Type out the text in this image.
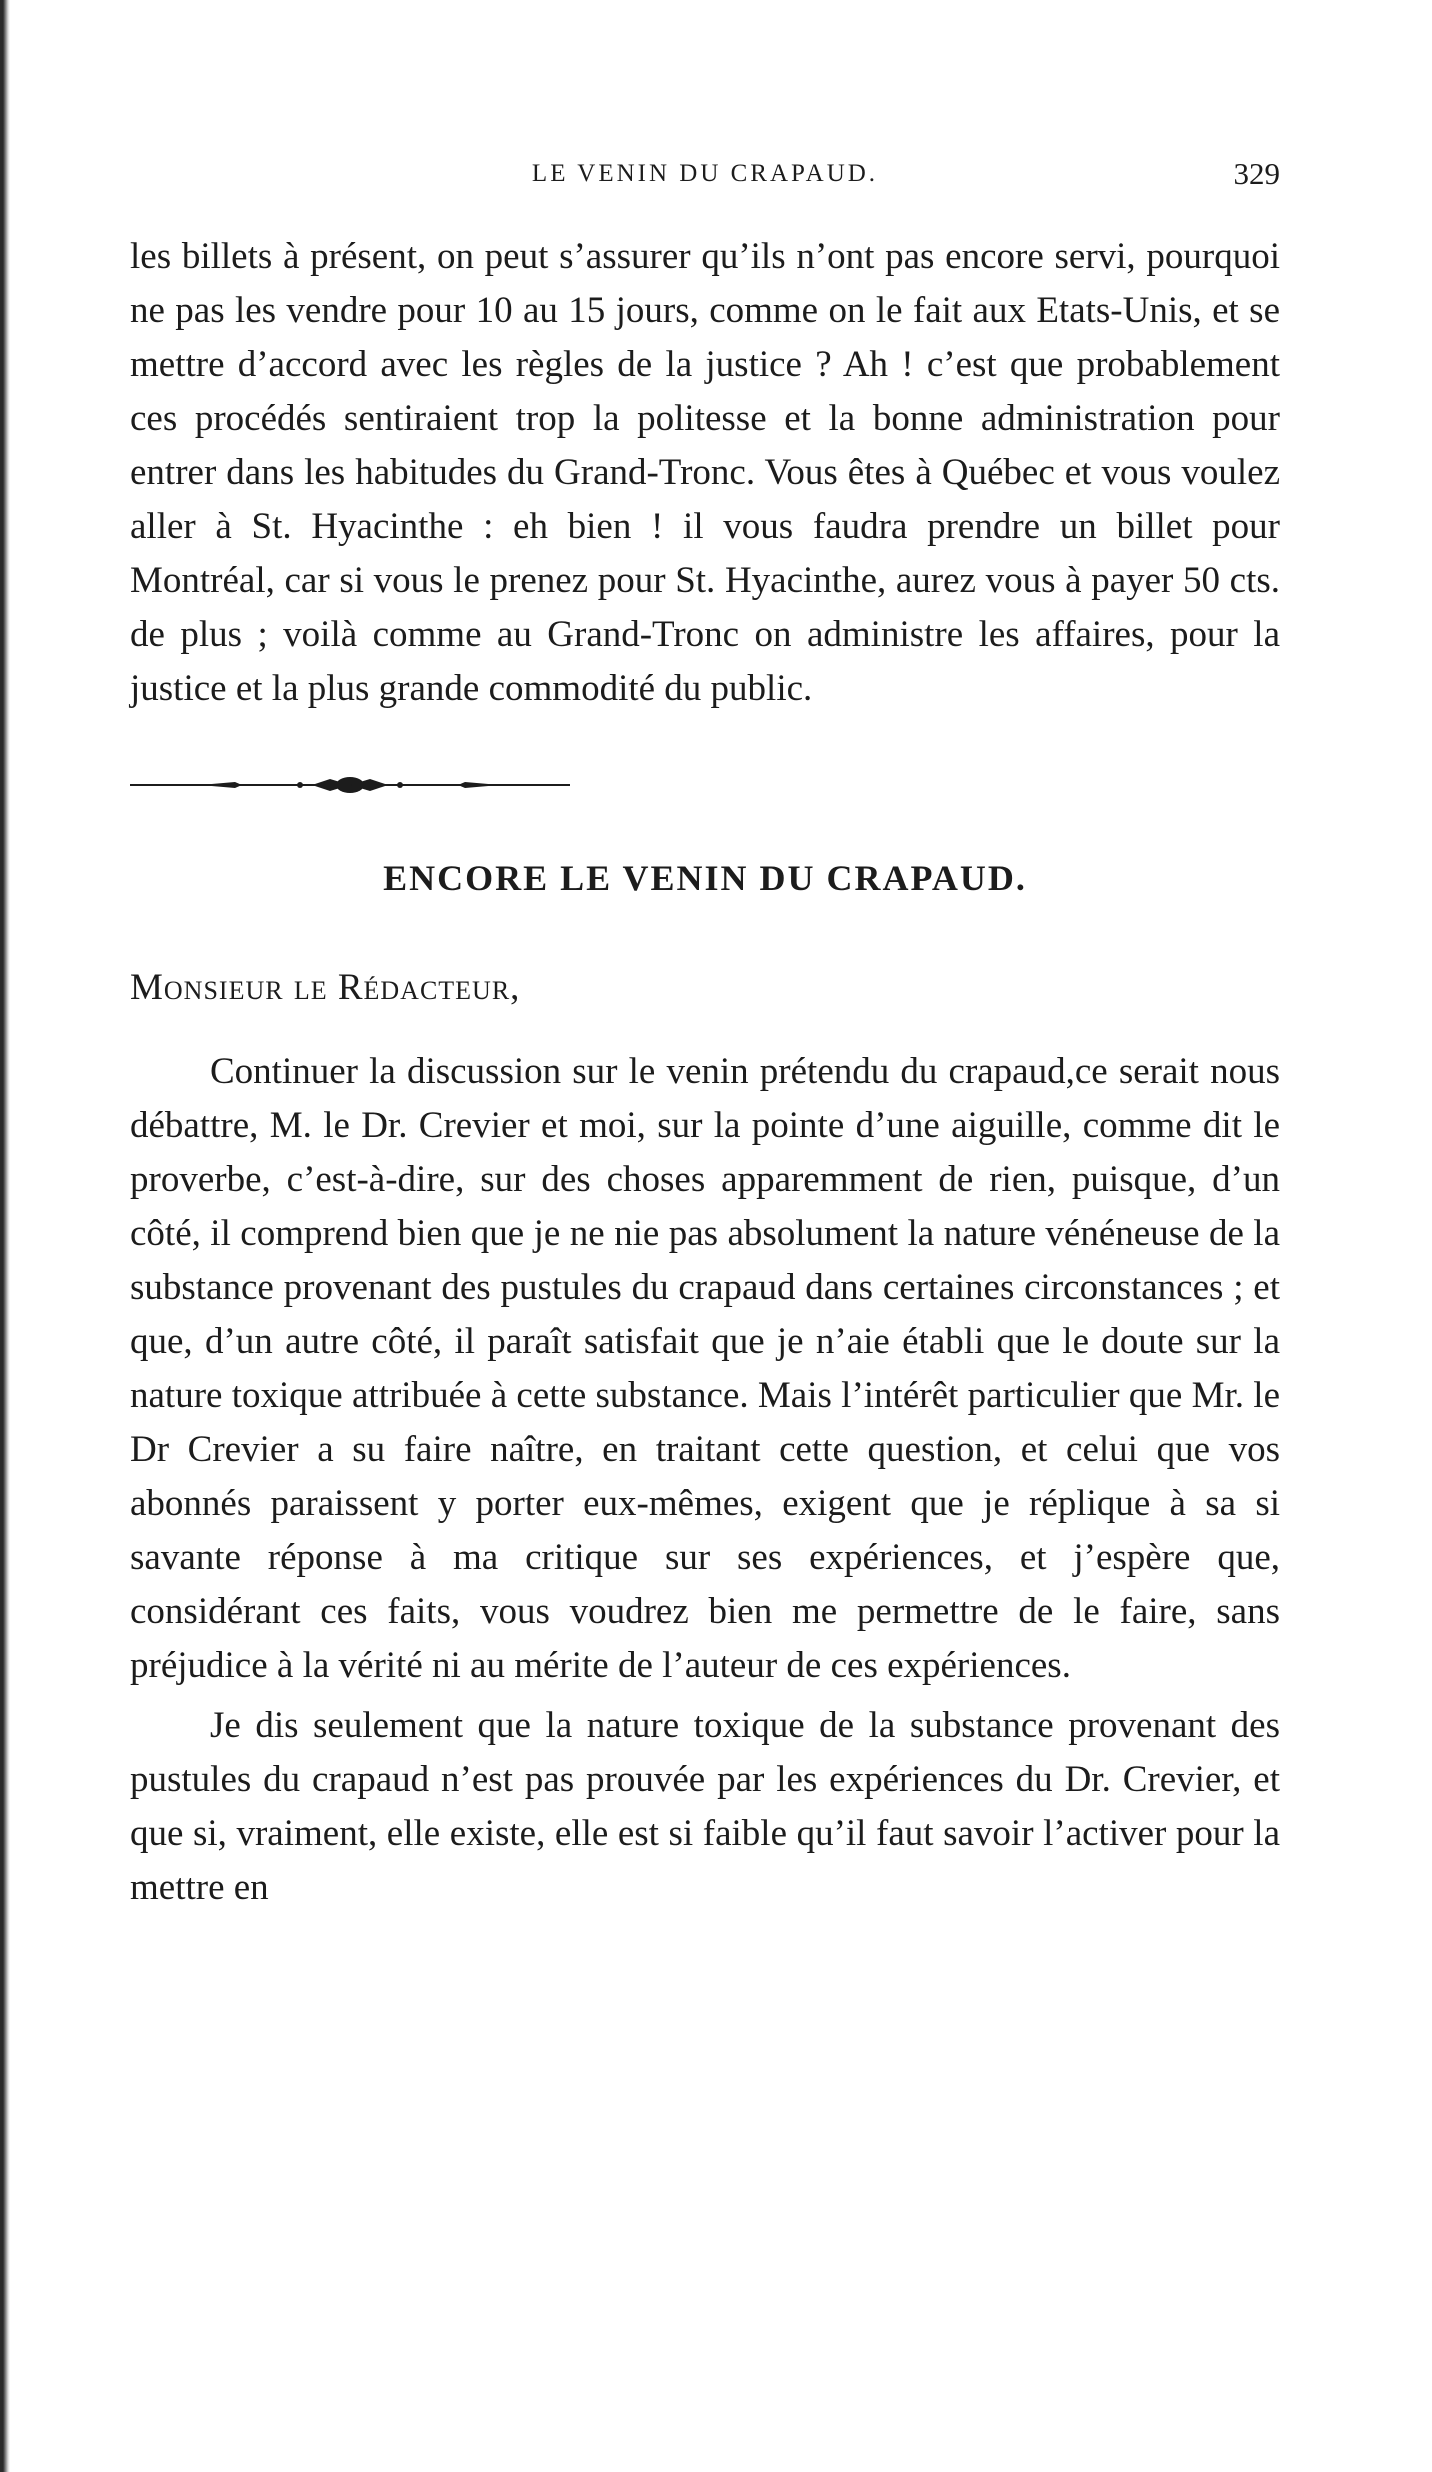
LE VENIN DU CRAPAUD.	329

les billets à présent, on peut s’assurer qu’ils n’ont pas encore servi, pourquoi ne pas les vendre pour 10 au 15 jours, comme on le fait aux Etats-Unis, et se mettre d’accord avec les règles de la justice ? Ah ! c’est que probablement ces procédés sentiraient trop la politesse et la bonne administration pour entrer dans les habitudes du Grand-Tronc. Vous êtes à Québec et vous voulez aller à St. Hyacinthe : eh bien ! il vous faudra prendre un billet pour Montréal, car si vous le prenez pour St. Hyacinthe, aurez vous à payer 50 cts. de plus ; voilà comme au Grand-Tronc on administre les affaires, pour la justice et la plus grande commodité du public.

ENCORE LE VENIN DU CRAPAUD.

Monsieur le Rédacteur,

Continuer la discussion sur le venin prétendu du crapaud,ce serait nous débattre, M. le Dr. Crevier et moi, sur la pointe d’une aiguille, comme dit le proverbe, c’est-à-dire, sur des choses apparemment de rien, puisque, d’un côté, il comprend bien que je ne nie pas absolument la nature vénéneuse de la substance provenant des pustules du crapaud dans certaines circonstances ; et que, d’un autre côté, il paraît satisfait que je n’aie établi que le doute sur la nature toxique attribuée à cette substance. Mais l’intérêt particulier que Mr. le Dr Crevier a su faire naître, en traitant cette question, et celui que vos abonnés paraissent y porter eux-mêmes, exigent que je réplique à sa si savante réponse à ma critique sur ses expériences, et j’espère que, considérant ces faits, vous voudrez bien me permettre de le faire, sans préjudice à la vérité ni au mérite de l’auteur de ces expériences.

Je dis seulement que la nature toxique de la substance provenant des pustules du crapaud n’est pas prouvée par les expériences du Dr. Crevier, et que si, vraiment, elle existe, elle est si faible qu’il faut savoir l’activer pour la mettre en
